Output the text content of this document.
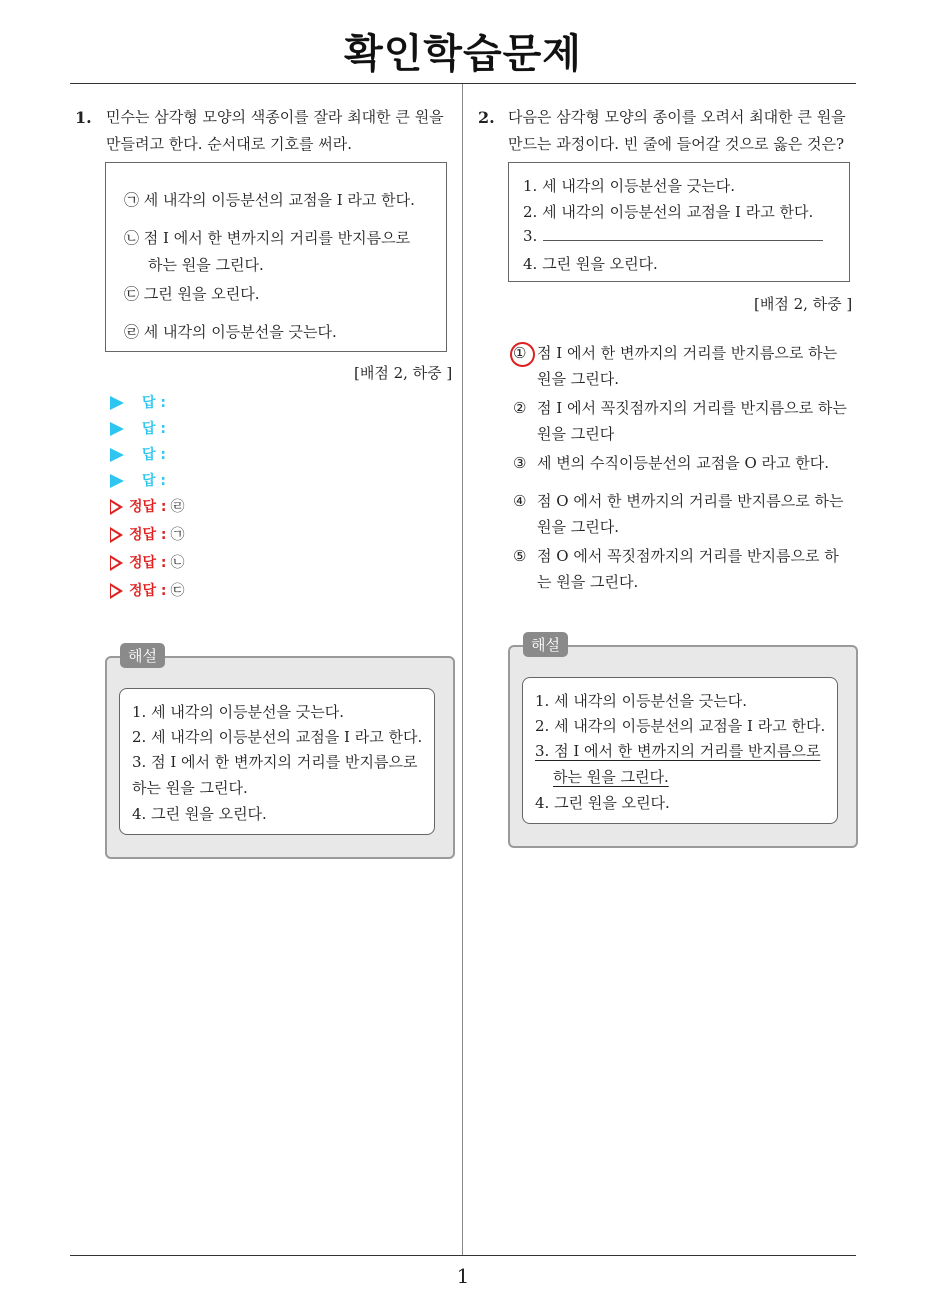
확인학습문제
1. 민수는 삼각형 모양의 색종이를 잘라 최대한 큰 원을
만들려고 한다. 순서대로 기호를 써라.
㉠ 세 내각의 이등분선의 교점을 I 라고 한다.
㉡ 점 I 에서 한 변까지의 거리를 반지름으로
하는 원을 그린다.
㉢ 그린 원을 오린다.
㉣ 세 내각의 이등분선을 긋는다.
[배점 2, 하중 ]
답 :
답 :
답 :
답 :
정답 : ㉣
정답 : ㉠
정답 : ㉡
정답 : ㉢
1. 세 내각의 이등분선을 긋는다.
2. 세 내각의 이등분선의 교점을 I 라고 한다.
3. 점 I 에서 한 변까지의 거리를 반지름으로
하는 원을 그린다.
4. 그린 원을 오린다.
해설
2. 다음은 삼각형 모양의 종이를 오려서 최대한 큰 원을
만드는 과정이다. 빈 줄에 들어갈 것으로 옳은 것은?
1. 세 내각의 이등분선을 긋는다.
2. 세 내각의 이등분선의 교점을 I 라고 한다.
3.
4. 그린 원을 오린다.
[배점 2, 하중 ]
① 점 I 에서 한 변까지의 거리를 반지름으로 하는
원을 그린다.
② 점 I 에서 꼭짓점까지의 거리를 반지름으로 하는
원을 그린다
③ 세 변의 수직이등분선의 교점을 O 라고 한다.
④ 점 O 에서 한 변까지의 거리를 반지름으로 하는
원을 그린다.
⑤ 점 O 에서 꼭짓점까지의 거리를 반지름으로 하
는 원을 그린다.
1. 세 내각의 이등분선을 긋는다.
2. 세 내각의 이등분선의 교점을 I 라고 한다.
3. 점 I 에서 한 변까지의 거리를 반지름으로
하는 원을 그린다.
4. 그린 원을 오린다.
해설
1
